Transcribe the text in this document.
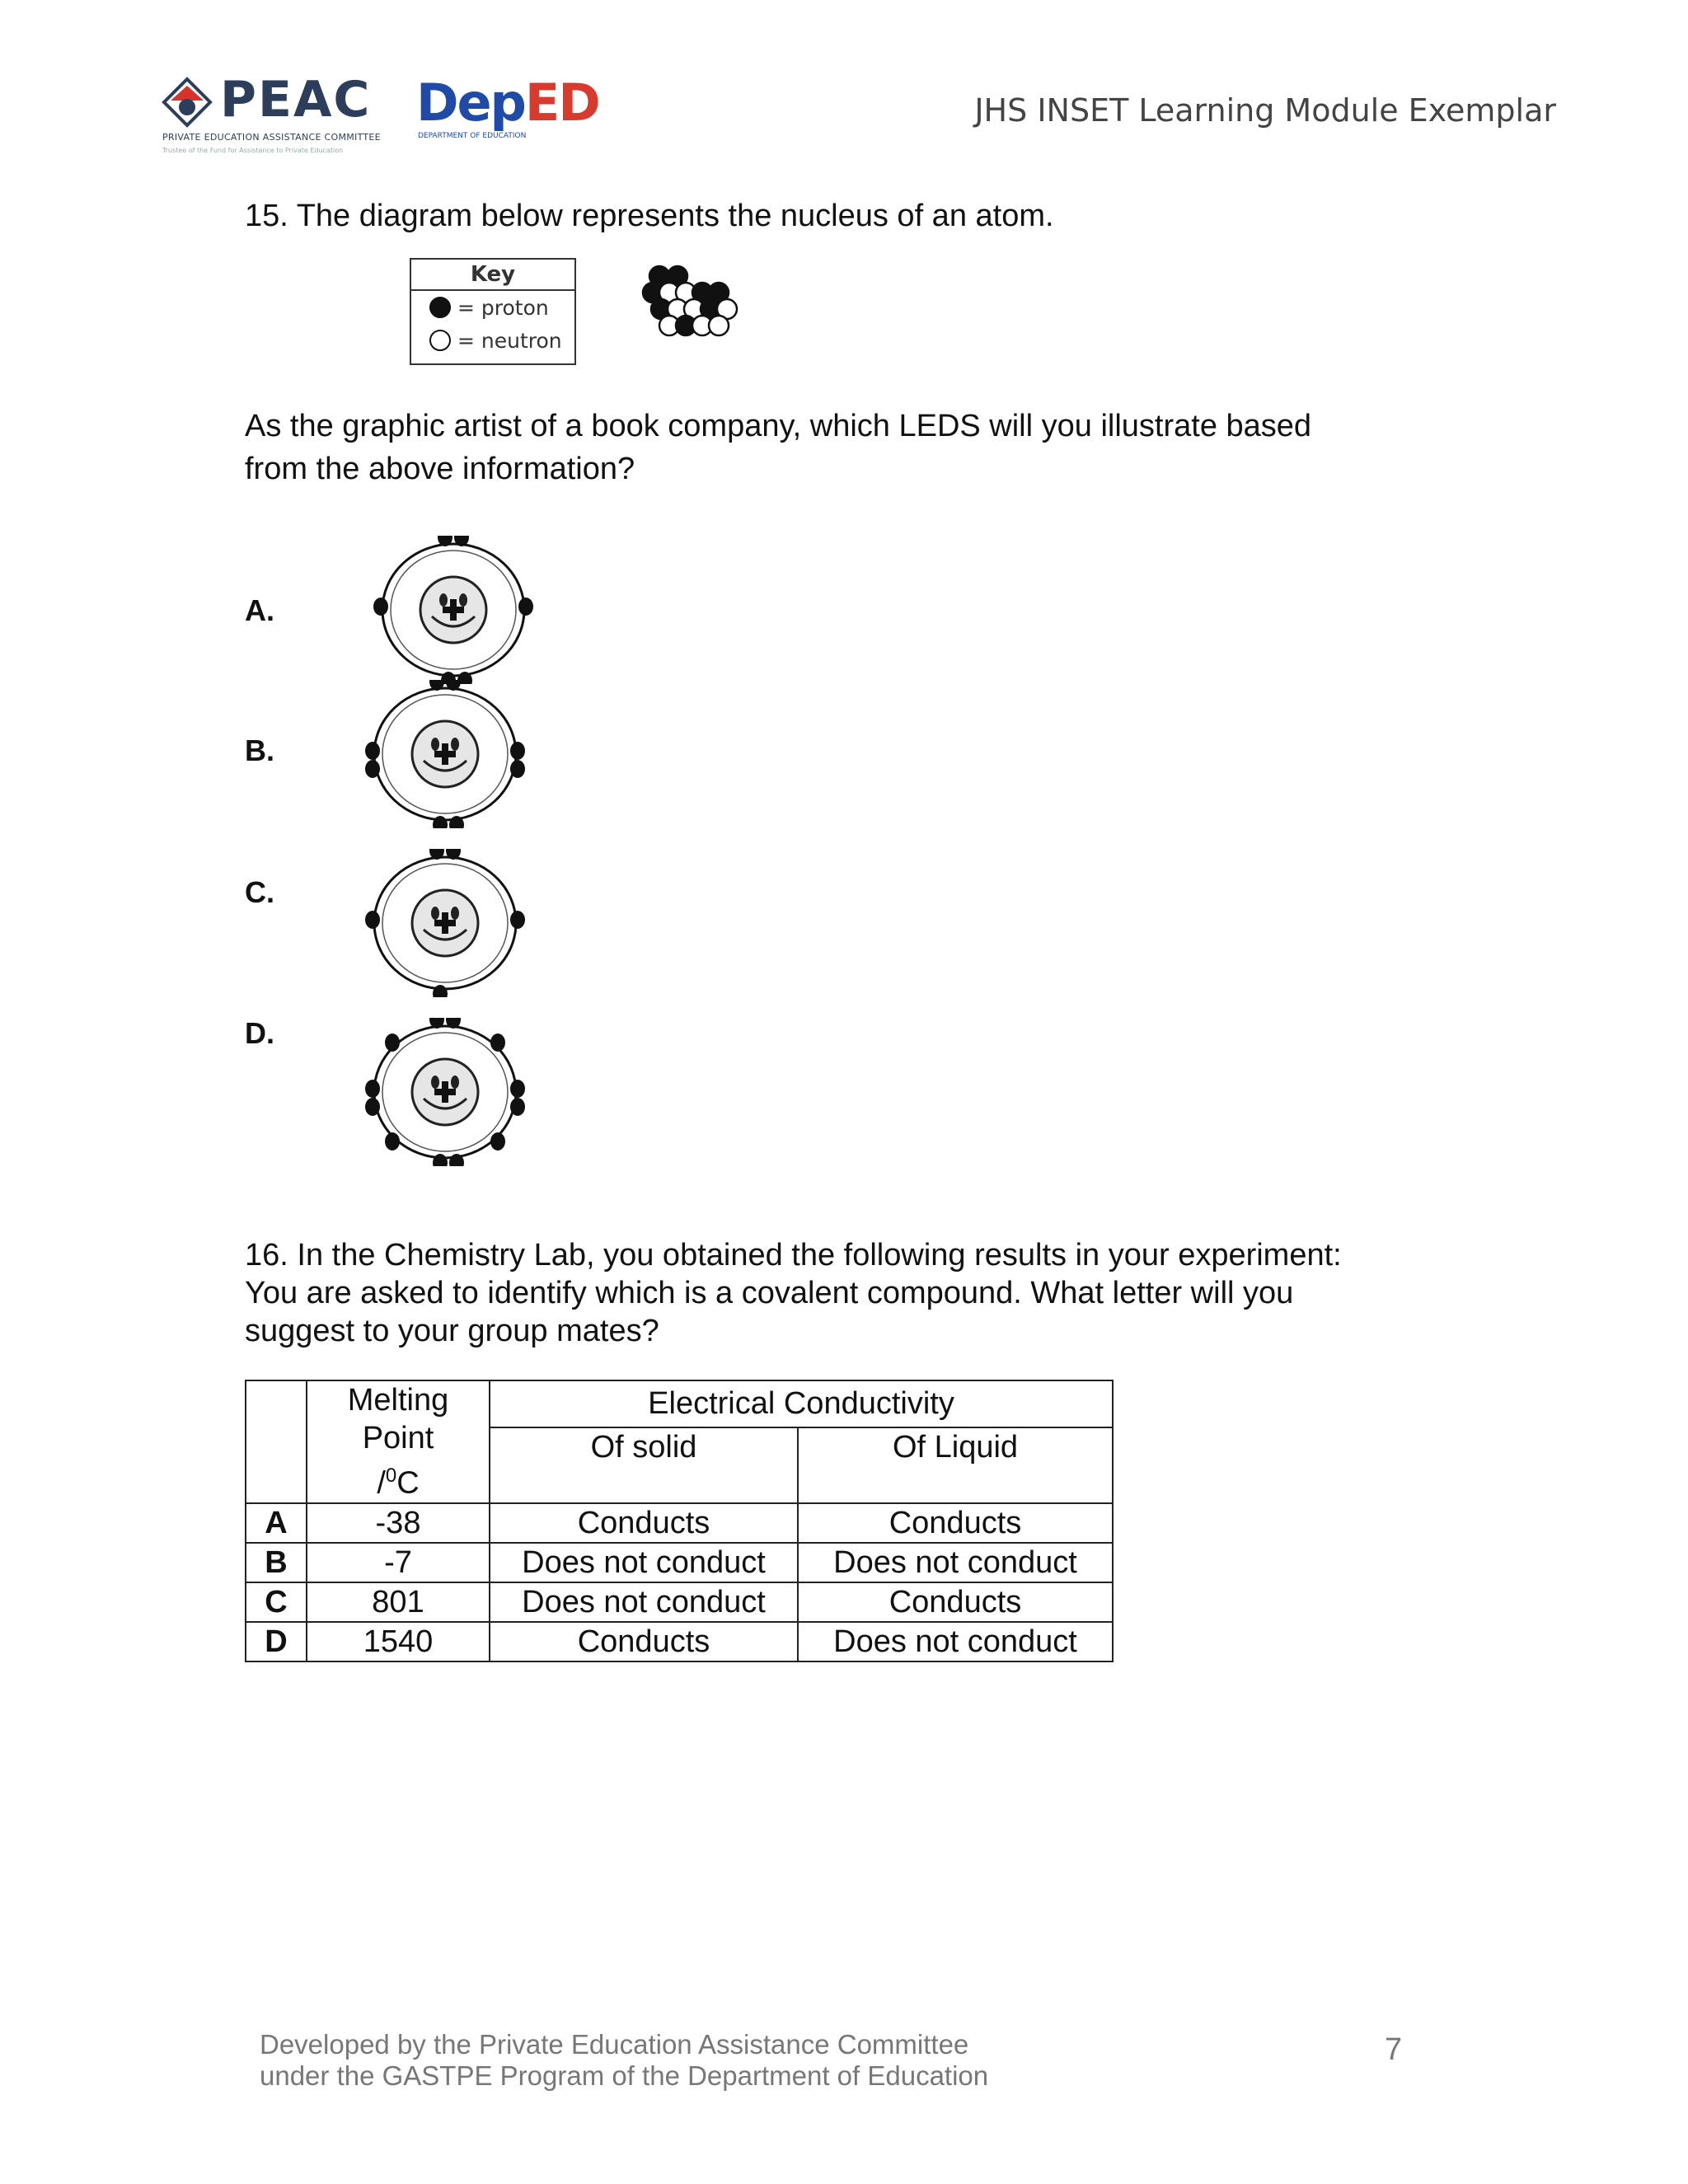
PEAC
PRIVATE EDUCATION ASSISTANCE COMMITTEE
Trustee of the Fund for Assistance to Private Education
DepED
DEPARTMENT OF EDUCATION
JHS INSET Learning Module Exemplar
15. The diagram below represents the nucleus of an atom.
Key
= proton
= neutron
As the graphic artist of a book company, which LEDS will you illustrate based
from the above information?
A.
B.
C.
D.
16. In the Chemistry Lab, you obtained the following results in your experiment:
You are asked to identify which is a covalent compound. What letter will you
suggest to your group mates?

	Melting
Point
/$^0$C	Electrical Conductivity	
		Of solid	Of Liquid
A	-38	Conducts	Conducts
B	-7	Does not conduct	Does not conduct
C	801	Does not conduct	Conducts
D	1540	Conducts	Does not conduct
Developed by the Private Education Assistance Committee
under the GASTPE Program of the Department of Education
7
